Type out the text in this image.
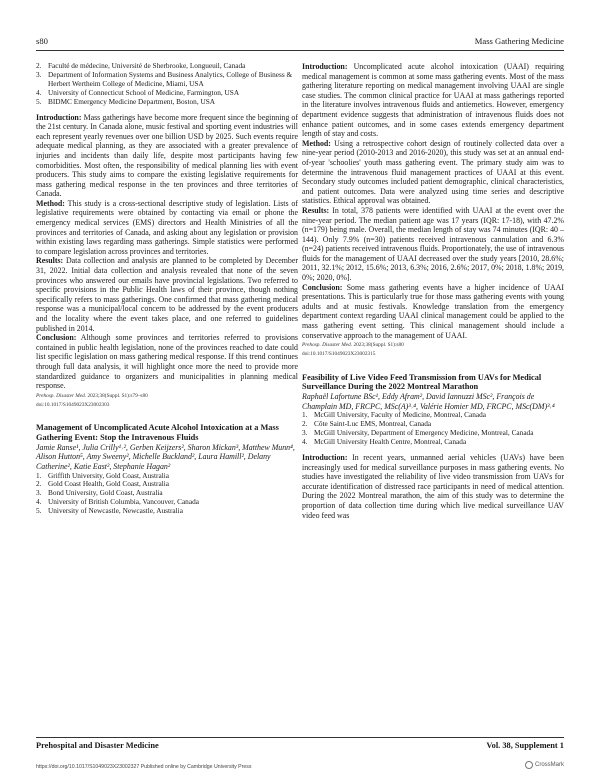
s80	Mass Gathering Medicine
2. Faculté de médecine, Université de Sherbrooke, Longueuil, Canada
3. Department of Information Systems and Business Analytics, College of Business & Herbert Wertheim College of Medicine, Miami, USA
4. University of Connecticut School of Medicine, Farmington, USA
5. BIDMC Emergency Medicine Department, Boston, USA

Introduction: Mass gatherings have become more frequent since the beginning of the 21st century. In Canada alone, music festival and sporting event industries will each represent yearly revenues over one billion USD by 2025. Such events require adequate medical planning, as they are associated with a greater prevalence of injuries and incidents than daily life, despite most participants having few comorbidities. Most often, the responsibility of medical planning lies with event producers. This study aims to compare the existing legislative requirements for mass gathering medical response in the ten provinces and three territories of Canada.

Method: This study is a cross-sectional descriptive study of legislation. Lists of legislative requirements were obtained by contacting via email or phone the emergency medical services (EMS) directors and Health Ministries of all the provinces and territories of Canada, and asking about any legislation or provision within existing laws regarding mass gatherings. Simple statistics were performed to compare legislation across provinces and territories.

Results: Data collection and analysis are planned to be completed by December 31, 2022. Initial data collection and analysis revealed that none of the seven provinces who answered our emails have provincial legislations. Two referred to specific provisions in the Public Health laws of their province, though nothing specifically refers to mass gatherings. One confirmed that mass gathering medical response was a municipal/local concern to be addressed by the event producers and the locality where the event takes place, and one referred to guidelines published in 2014.

Conclusion: Although some provinces and territories referred to provisions contained in public health legislation, none of the provinces reached to date could list specific legislation on mass gathering medical response. If this trend continues through full data analysis, it will highlight once more the need to provide more standardized guidance to organizers and municipalities in planning medical response.

Prehosp. Disaster Med. 2023;38(Suppl. S1):s79–s80
doi:10.1017/S1049023X23002303
Management of Uncomplicated Acute Alcohol Intoxication at a Mass Gathering Event: Stop the Intravenous Fluids
Jamie Ranse¹, Julia Crilly¹˒², Gerben Keijzers², Sharon Mickan³, Matthew Munn⁴, Alison Hutton⁵, Amy Sweeny², Michelle Buckland², Laura Hamill², Delany Catherine², Katie East², Stephanie Hagan²
1. Griffith University, Gold Coast, Australia
2. Gold Coast Health, Gold Coast, Australia
3. Bond University, Gold Coast, Australia
4. University of British Columbia, Vancouver, Canada
5. University of Newcastle, Newcastle, Australia

Introduction: Uncomplicated acute alcohol intoxication (UAAI) requiring medical management is common at some mass gathering events. Most of the mass gathering literature reporting on medical management involving UAAI are single case studies. The common clinical practice for UAAI at mass gatherings reported in the literature involves intravenous fluids and antiemetics. However, emergency department evidence suggests that administration of intravenous fluids does not enhance patient outcomes, and in some cases extends emergency department length of stay and costs.

Method: Using a retrospective cohort design of routinely collected data over a nine-year period (2010-2013 and 2016-2020), this study was set at an annual end-of-year 'schoolies' youth mass gathering event. The primary study aim was to determine the intravenous fluid management practices of UAAI at this event. Secondary study outcomes included patient demographic, clinical characteristics, and patient outcomes. Data were analyzed using time series and descriptive statistics. Ethical approval was obtained.

Results: In total, 378 patients were identified with UAAI at the event over the nine-year period. The median patient age was 17 years (IQR: 17-18), with 47.2% (n=179) being male. Overall, the median length of stay was 74 minutes (IQR: 40 – 144). Only 7.9% (n=30) patients received intravenous cannulation and 6.3% (n=24) patients received intravenous fluids. Proportionately, the use of intravenous fluids for the management of UAAI decreased over the study years [2010, 28.6%; 2011, 32.1%; 2012, 15.6%; 2013, 6.3%; 2016, 2.6%; 2017, 0%; 2018, 1.8%; 2019, 0%; 2020, 0%].

Conclusion: Some mass gathering events have a higher incidence of UAAI presentations. This is particularly true for those mass gathering events with young adults and at music festivals. Knowledge translation from the emergency department context regarding UAAI clinical management could be applied to the mass gathering event setting. This clinical management should include a conservative approach to the management of UAAI.

Prehosp. Disaster Med. 2023;38(Suppl. S1):s80
doi:10.1017/S1049023X23002315
Feasibility of Live Video Feed Transmission from UAVs for Medical Surveillance During the 2022 Montreal Marathon
Raphaël Lafortune BSc¹, Eddy Afram², David Iannuzzi MSc², François de Champlain MD, FRCPC, MSc(A)³˒⁴, Valérie Homier MD, FRCPC, MSc(DM)³˒⁴
1. McGill University, Faculty of Medicine, Montreal, Canada
2. Côte Saint-Luc EMS, Montreal, Canada
3. McGill University, Department of Emergency Medicine, Montreal, Canada
4. McGill University Health Centre, Montreal, Canada

Introduction: In recent years, unmanned aerial vehicles (UAVs) have been increasingly used for medical surveillance purposes in mass gathering events. No studies have investigated the reliability of live video transmission from UAVs for accurate identification of distressed race participants in need of medical attention. During the 2022 Montreal marathon, the aim of this study was to determine the proportion of data collection time during which live medical surveillance UAV video feed was

Prehospital and Disaster Medicine	Vol. 38, Supplement 1
https://doi.org/10.1017/S1049023X23002327 Published online by Cambridge University Press	CrossMark
